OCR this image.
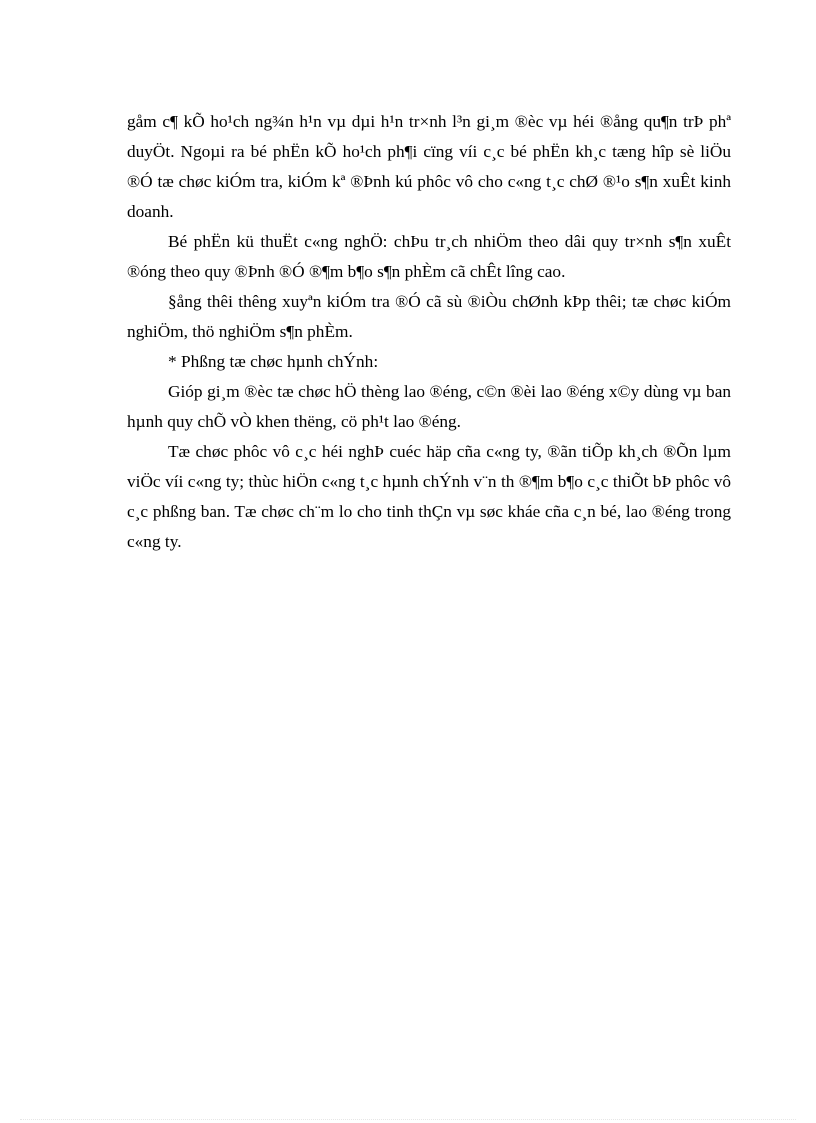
gåm c¶ kÕ ho¹ch ng¾n h¹n vµ dµi h¹n tr×nh l³n gi¸m ®èc vµ héi ®ång qu¶n trÞ phª duyÖt. Ngoµi ra bé phËn kÕ ho¹ch ph¶i cïng víi c¸c bé phËn kh¸c tæng hîp sè liÖu ®Ó tæ chøc kiÓm tra, kiÓm kª ®Þnh kú phôc vô cho c«ng t¸c chØ ®¹o s¶n xuÊt kinh doanh.

Bé phËn kü thuËt c«ng nghÖ: chÞu tr¸ch nhiÖm theo dâi quy tr×nh s¶n xuÊt ®óng theo quy ®Þnh ®Ó ®¶m b¶o s¶n phÈm cã chÊt lîng cao.

§ång thêi thêng xuyªn kiÓm tra ®Ó cã sù ®iÒu chØnh kÞp thêi; tæ chøc kiÓm nghiÖm, thö nghiÖm s¶n phÈm.

* Phßng tæ chøc hµnh chÝnh:

Gióp gi¸m ®èc tæ chøc hÖ thèng lao ®éng, c©n ®èi lao ®éng x©y dùng vµ ban hµnh quy chÕ vÒ khen thëng, cö ph¹t lao ®éng.

Tæ chøc phôc vô c¸c héi nghÞ cuéc häp cña c«ng ty, ®ãn tiÕp kh¸ch ®Õn lµm viÖc víi c«ng ty; thùc hiÖn c«ng t¸c hµnh chÝnh v¨n th ®¶m b¶o c¸c thiÕt bÞ phôc vô c¸c phßng ban. Tæ chøc ch¨m lo cho tinh thÇn vµ søc kháe cña c¸n bé, lao ®éng trong c«ng ty.
